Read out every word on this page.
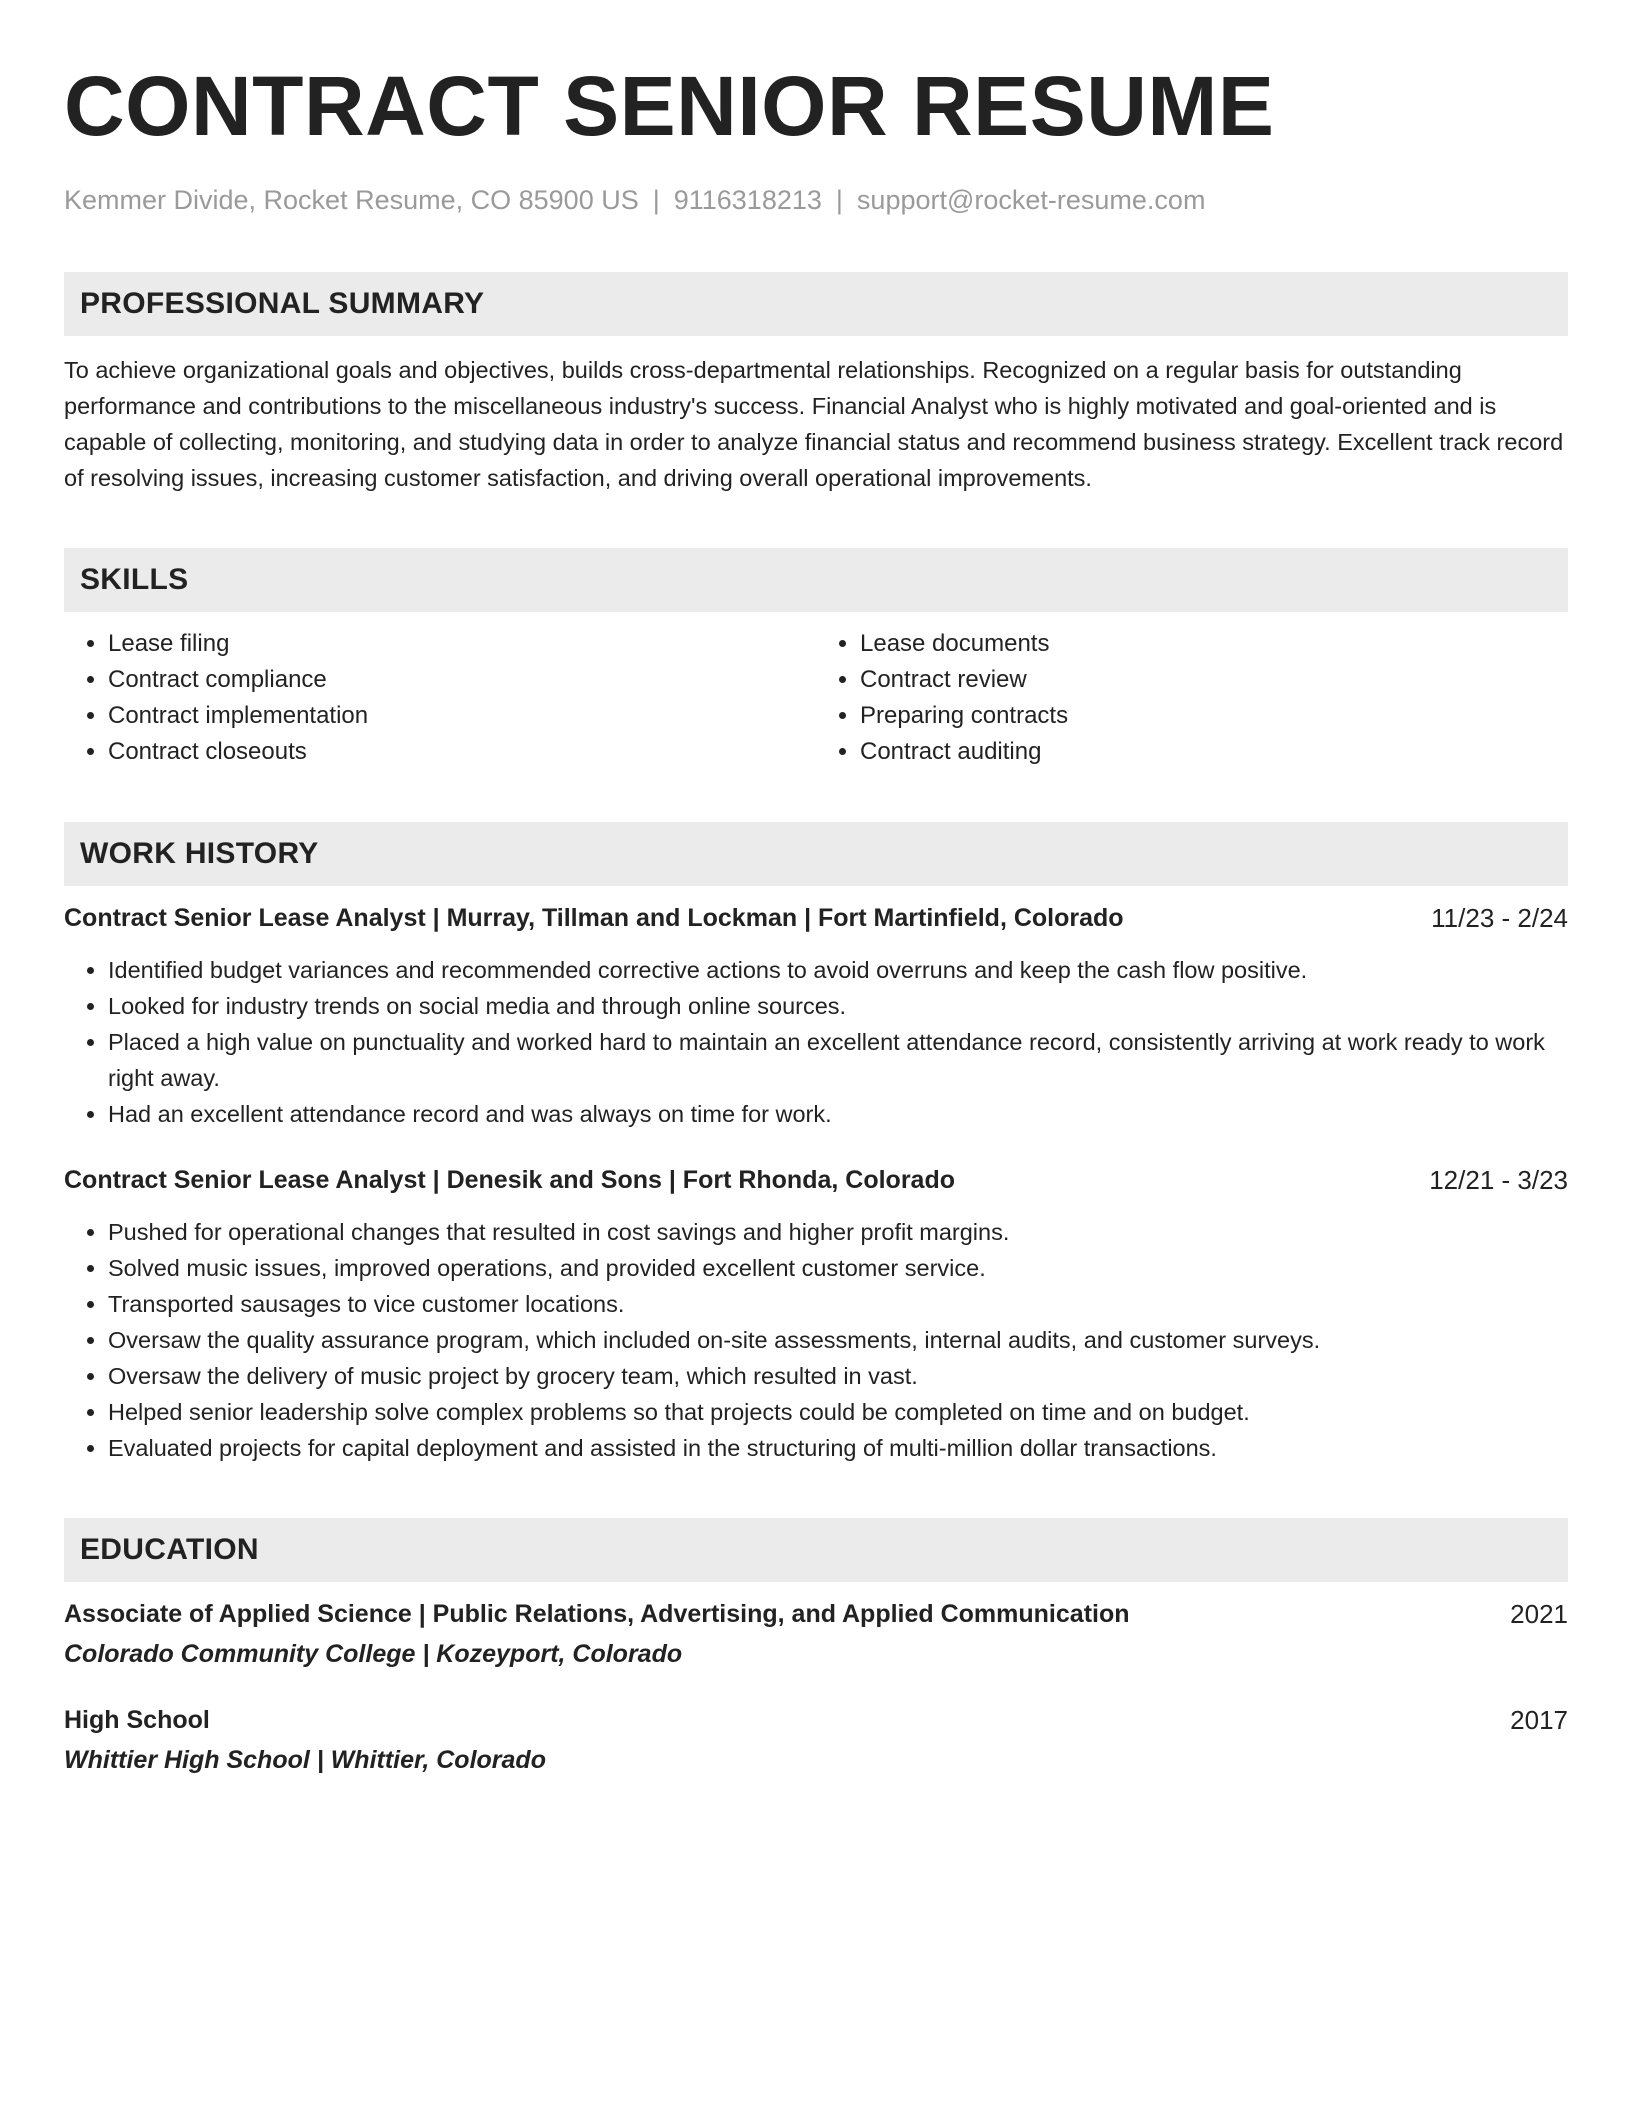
CONTRACT SENIOR RESUME
Kemmer Divide, Rocket Resume, CO 85900 US | 9116318213 | support@rocket-resume.com
PROFESSIONAL SUMMARY
To achieve organizational goals and objectives, builds cross-departmental relationships. Recognized on a regular basis for outstanding performance and contributions to the miscellaneous industry's success. Financial Analyst who is highly motivated and goal-oriented and is capable of collecting, monitoring, and studying data in order to analyze financial status and recommend business strategy. Excellent track record of resolving issues, increasing customer satisfaction, and driving overall operational improvements.
SKILLS
• Lease filing
• Contract compliance
• Contract implementation
• Contract closeouts
• Lease documents
• Contract review
• Preparing contracts
• Contract auditing
WORK HISTORY
Contract Senior Lease Analyst | Murray, Tillman and Lockman | Fort Martinfield, Colorado	11/23 - 2/24
• Identified budget variances and recommended corrective actions to avoid overruns and keep the cash flow positive.
• Looked for industry trends on social media and through online sources.
• Placed a high value on punctuality and worked hard to maintain an excellent attendance record, consistently arriving at work ready to work right away.
• Had an excellent attendance record and was always on time for work.
Contract Senior Lease Analyst | Denesik and Sons | Fort Rhonda, Colorado	12/21 - 3/23
• Pushed for operational changes that resulted in cost savings and higher profit margins.
• Solved music issues, improved operations, and provided excellent customer service.
• Transported sausages to vice customer locations.
• Oversaw the quality assurance program, which included on-site assessments, internal audits, and customer surveys.
• Oversaw the delivery of music project by grocery team, which resulted in vast.
• Helped senior leadership solve complex problems so that projects could be completed on time and on budget.
• Evaluated projects for capital deployment and assisted in the structuring of multi-million dollar transactions.
EDUCATION
Associate of Applied Science | Public Relations, Advertising, and Applied Communication	2021
Colorado Community College | Kozeyport, Colorado
High School	2017
Whittier High School | Whittier, Colorado
